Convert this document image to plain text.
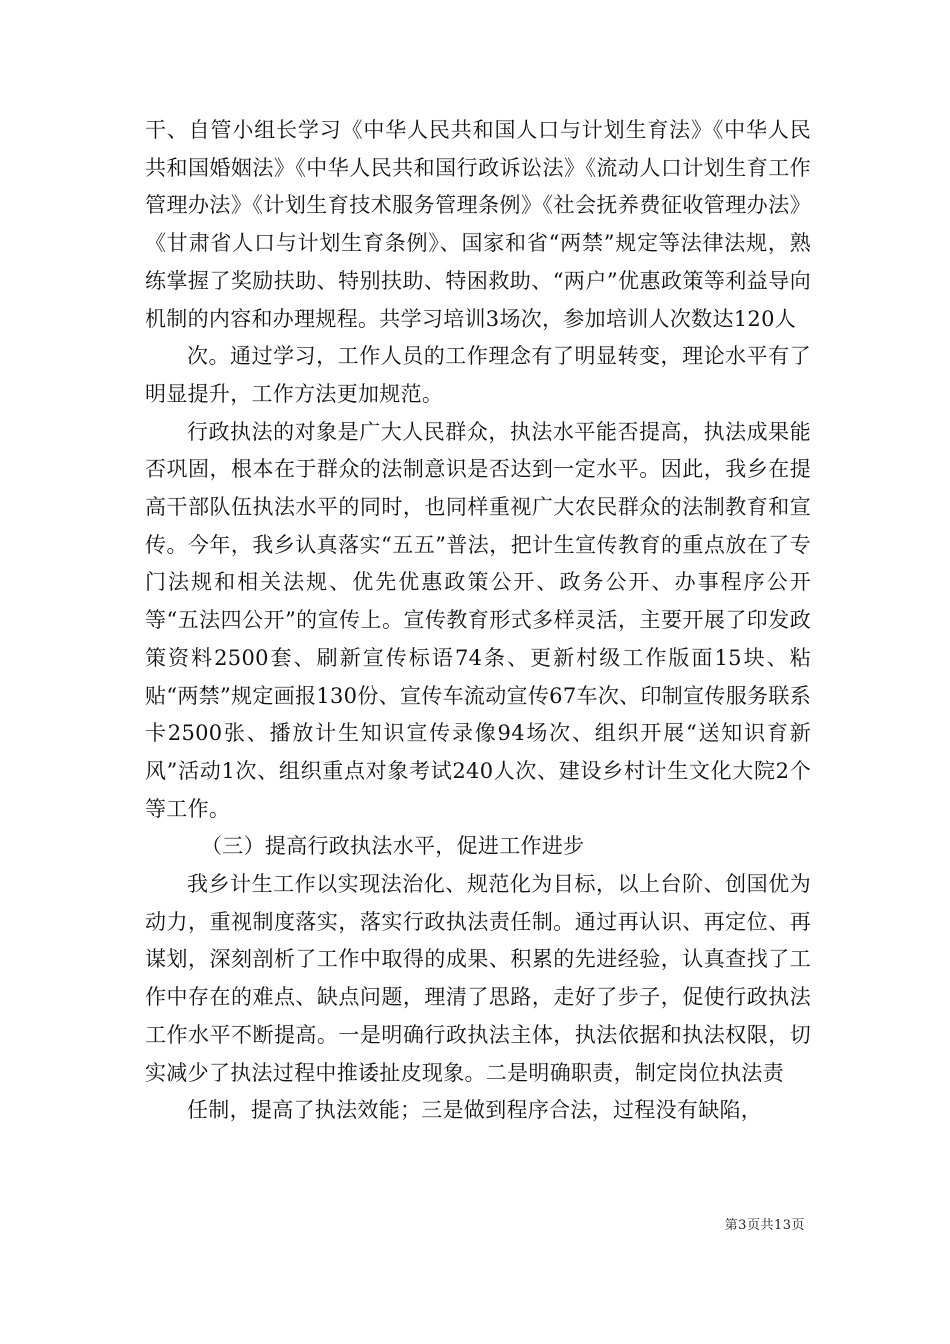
干、自管小组长学习《中华人民共和国人口与计划生育法》《中华人民共和国婚姻法》《中华人民共和国行政诉讼法》《流动人口计划生育工作管理办法》《计划生育技术服务管理条例》《社会抚养费征收管理办法》《甘肃省人口与计划生育条例》、国家和省“两禁”规定等法律法规，熟练掌握了奖励扶助、特别扶助、特困救助、“两户”优惠政策等利益导向机制的内容和办理规程。共学习培训3场次，参加培训人次数达120人

次。通过学习，工作人员的工作理念有了明显转变，理论水平有了明显提升，工作方法更加规范。

行政执法的对象是广大人民群众，执法水平能否提高，执法成果能否巩固，根本在于群众的法制意识是否达到一定水平。因此，我乡在提高干部队伍执法水平的同时，也同样重视广大农民群众的法制教育和宣传。今年，我乡认真落实“五五”普法，把计生宣传教育的重点放在了专门法规和相关法规、优先优惠政策公开、政务公开、办事程序公开等“五法四公开”的宣传上。宣传教育形式多样灵活，主要开展了印发政策资料2500套、刷新宣传标语74条、更新村级工作版面15块、粘贴“两禁”规定画报130份、宣传车流动宣传67车次、印制宣传服务联系卡2500张、播放计生知识宣传录像94场次、组织开展“送知识育新风”活动1次、组织重点对象考试240人次、建设乡村计生文化大院2个等工作。

（三）提高行政执法水平，促进工作进步

我乡计生工作以实现法治化、规范化为目标，以上台阶、创国优为动力，重视制度落实，落实行政执法责任制。通过再认识、再定位、再谋划，深刻剖析了工作中取得的成果、积累的先进经验，认真查找了工作中存在的难点、缺点问题，理清了思路，走好了步子，促使行政执法工作水平不断提高。一是明确行政执法主体，执法依据和执法权限，切实减少了执法过程中推诿扯皮现象。二是明确职责，制定岗位执法责

任制，提高了执法效能；三是做到程序合法，过程没有缺陷，

第3页共13页
